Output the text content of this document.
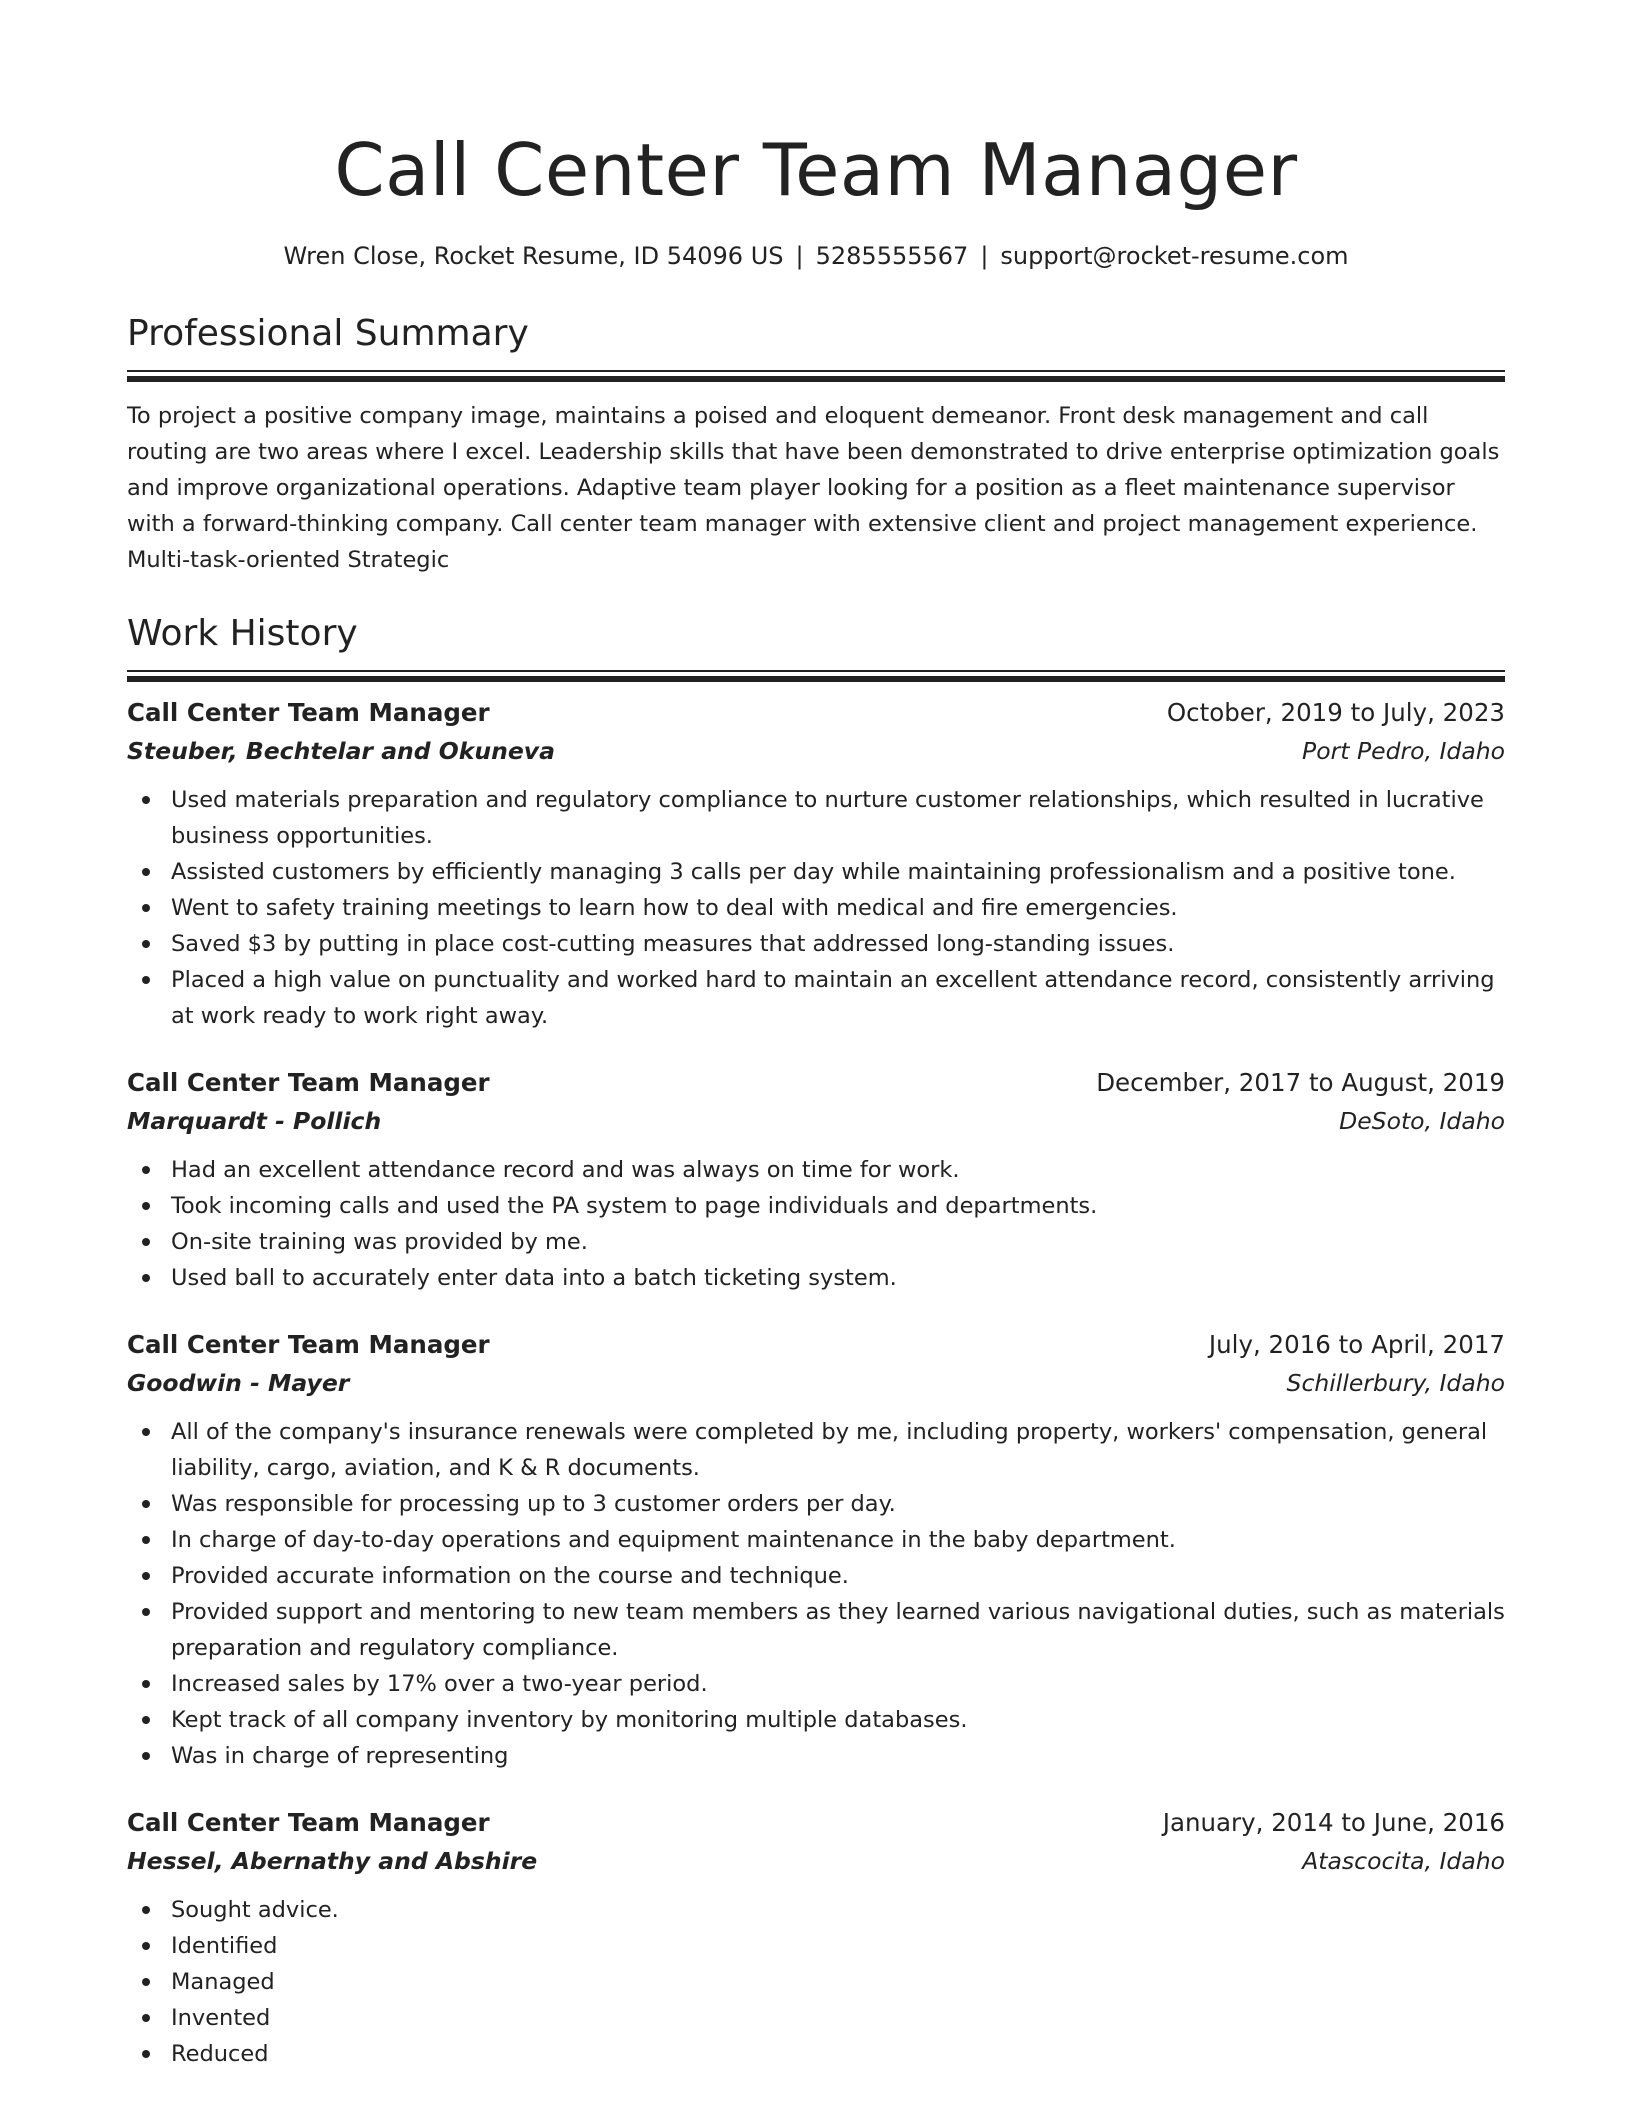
Call Center Team Manager
Wren Close, Rocket Resume, ID 54096 US | 5285555567 | support@rocket-resume.com
Professional Summary

To project a positive company image, maintains a poised and eloquent demeanor. Front desk management and call routing are two areas where I excel. Leadership skills that have been demonstrated to drive enterprise optimization goals and improve organizational operations. Adaptive team player looking for a position as a fleet maintenance supervisor with a forward-thinking company. Call center team manager with extensive client and project management experience. Multi-task-oriented Strategic

Work History
Call Center Team Manager	October, 2019 to July, 2023
Steuber, Bechtelar and Okuneva	Port Pedro, Idaho
Used materials preparation and regulatory compliance to nurture customer relationships, which resulted in lucrative business opportunities.
Assisted customers by efficiently managing 3 calls per day while maintaining professionalism and a positive tone.
Went to safety training meetings to learn how to deal with medical and fire emergencies.
Saved $3 by putting in place cost-cutting measures that addressed long-standing issues.
Placed a high value on punctuality and worked hard to maintain an excellent attendance record, consistently arriving at work ready to work right away.
Call Center Team Manager	December, 2017 to August, 2019
Marquardt - Pollich	DeSoto, Idaho
Had an excellent attendance record and was always on time for work.
Took incoming calls and used the PA system to page individuals and departments.
On-site training was provided by me.
Used ball to accurately enter data into a batch ticketing system.
Call Center Team Manager	July, 2016 to April, 2017
Goodwin - Mayer	Schillerbury, Idaho
All of the company's insurance renewals were completed by me, including property, workers' compensation, general liability, cargo, aviation, and K & R documents.
Was responsible for processing up to 3 customer orders per day.
In charge of day-to-day operations and equipment maintenance in the baby department.
Provided accurate information on the course and technique.
Provided support and mentoring to new team members as they learned various navigational duties, such as materials preparation and regulatory compliance.
Increased sales by 17% over a two-year period.
Kept track of all company inventory by monitoring multiple databases.
Was in charge of representing
Call Center Team Manager	January, 2014 to June, 2016
Hessel, Abernathy and Abshire	Atascocita, Idaho
Sought advice.
Identified
Managed
Invented
Reduced
